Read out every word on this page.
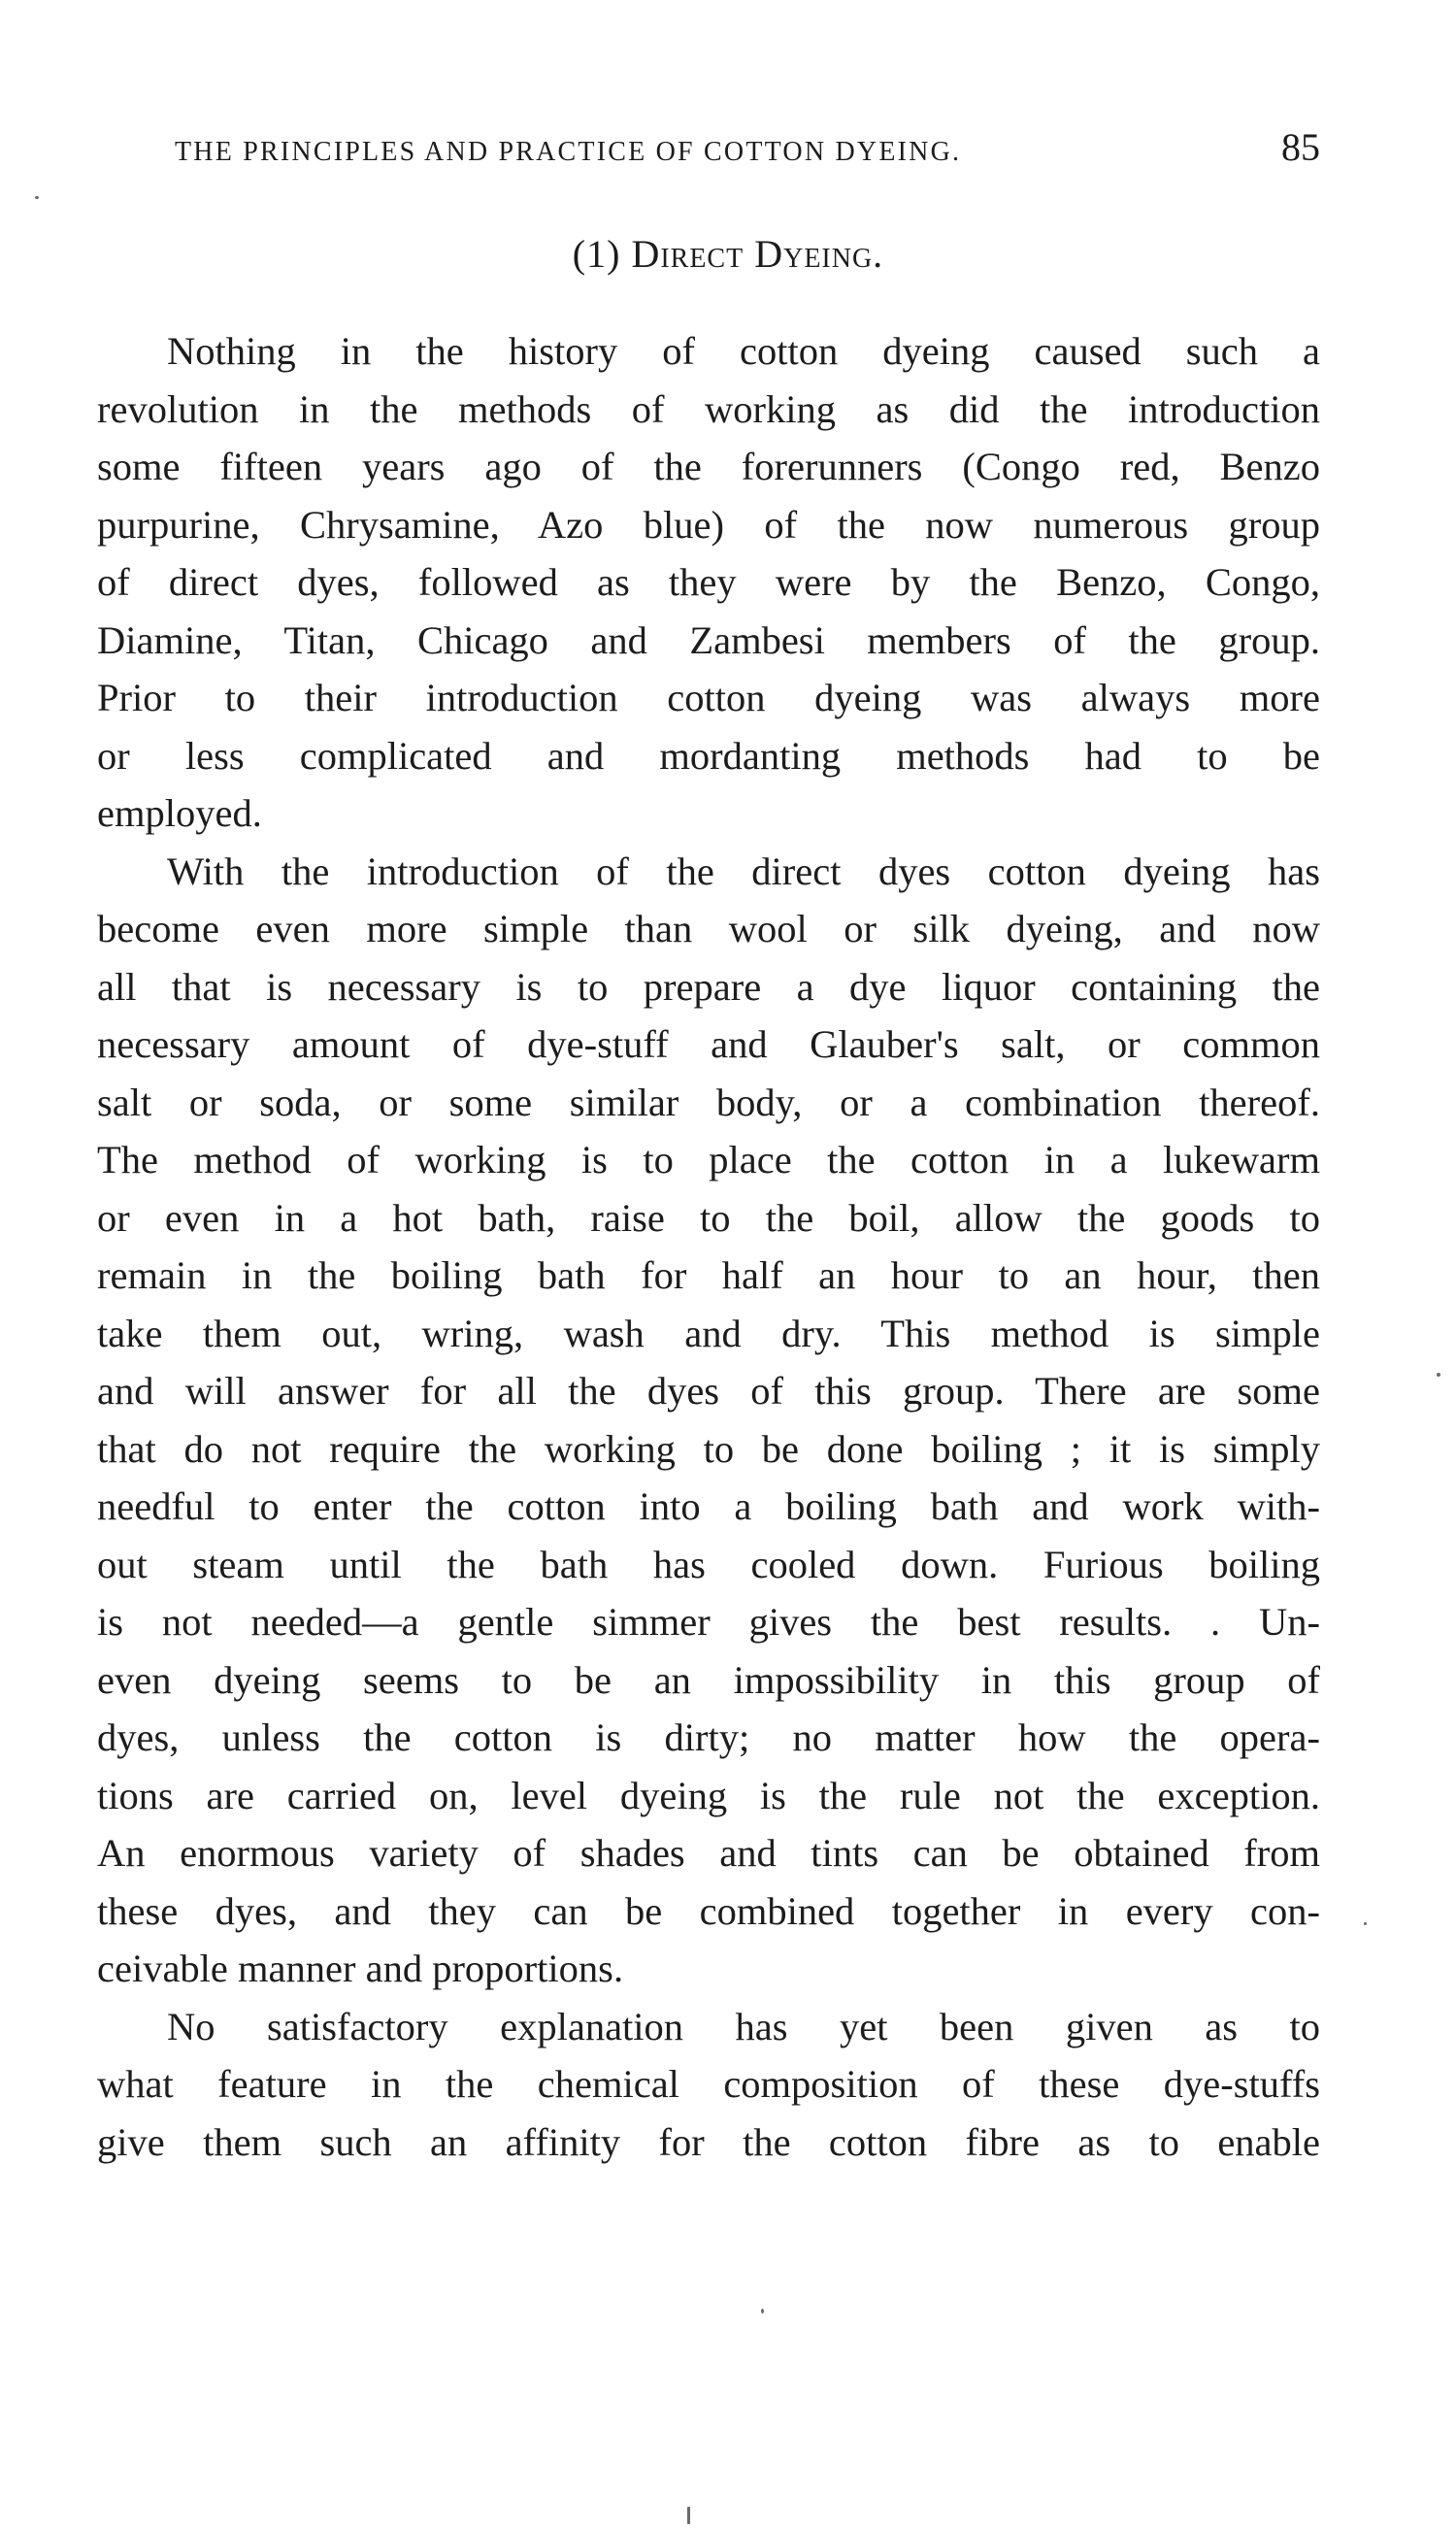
THE PRINCIPLES AND PRACTICE OF COTTON DYEING.	85
(1) Direct Dyeing.

Nothing in the history of cotton dyeing caused such a
revolution in the methods of working as did the introduction
some fifteen years ago of the forerunners (Congo red, Benzo
purpurine, Chrysamine, Azo blue) of the now numerous group
of direct dyes, followed as they were by the Benzo, Congo,
Diamine, Titan, Chicago and Zambesi members of the group.
Prior to their introduction cotton dyeing was always more
or less complicated and mordanting methods had to be
employed.

With the introduction of the direct dyes cotton dyeing has
become even more simple than wool or silk dyeing, and now
all that is necessary is to prepare a dye liquor containing the
necessary amount of dye-stuff and Glauber's salt, or common
salt or soda, or some similar body, or a combination thereof.
The method of working is to place the cotton in a lukewarm
or even in a hot bath, raise to the boil, allow the goods to
remain in the boiling bath for half an hour to an hour, then
take them out, wring, wash and dry. This method is simple
and will answer for all the dyes of this group. There are some
that do not require the working to be done boiling ; it is simply
needful to enter the cotton into a boiling bath and work with-
out steam until the bath has cooled down. Furious boiling
is not needed—a gentle simmer gives the best results. . Un-
even dyeing seems to be an impossibility in this group of
dyes, unless the cotton is dirty; no matter how the opera-
tions are carried on, level dyeing is the rule not the exception.
An enormous variety of shades and tints can be obtained from
these dyes, and they can be combined together in every con-
ceivable manner and proportions.

No satisfactory explanation has yet been given as to
what feature in the chemical composition of these dye-stuffs
give them such an affinity for the cotton fibre as to enable
